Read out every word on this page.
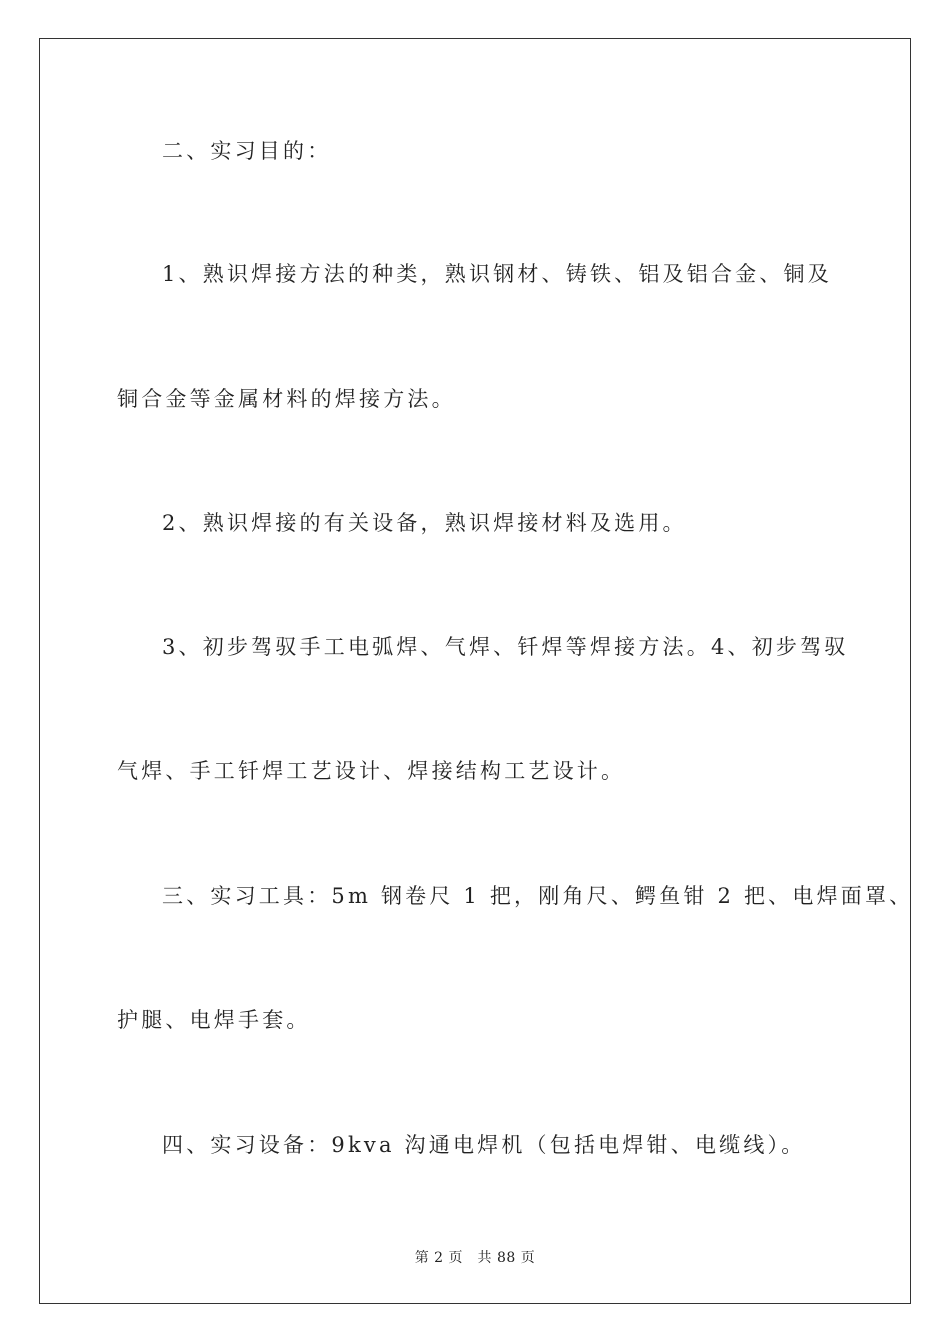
二、实习目的：
1、熟识焊接方法的种类，熟识钢材、铸铁、铝及铝合金、铜及
铜合金等金属材料的焊接方法。
2、熟识焊接的有关设备，熟识焊接材料及选用。
3、初步驾驭手工电弧焊、气焊、钎焊等焊接方法。4、初步驾驭
气焊、手工钎焊工艺设计、焊接结构工艺设计。
三、实习工具：5m 钢卷尺 1 把，刚角尺、鳄鱼钳 2 把、电焊面罩、
护腿、电焊手套。
四、实习设备：9kva 沟通电焊机（包括电焊钳、电缆线）。
第 2 页　共 88 页
